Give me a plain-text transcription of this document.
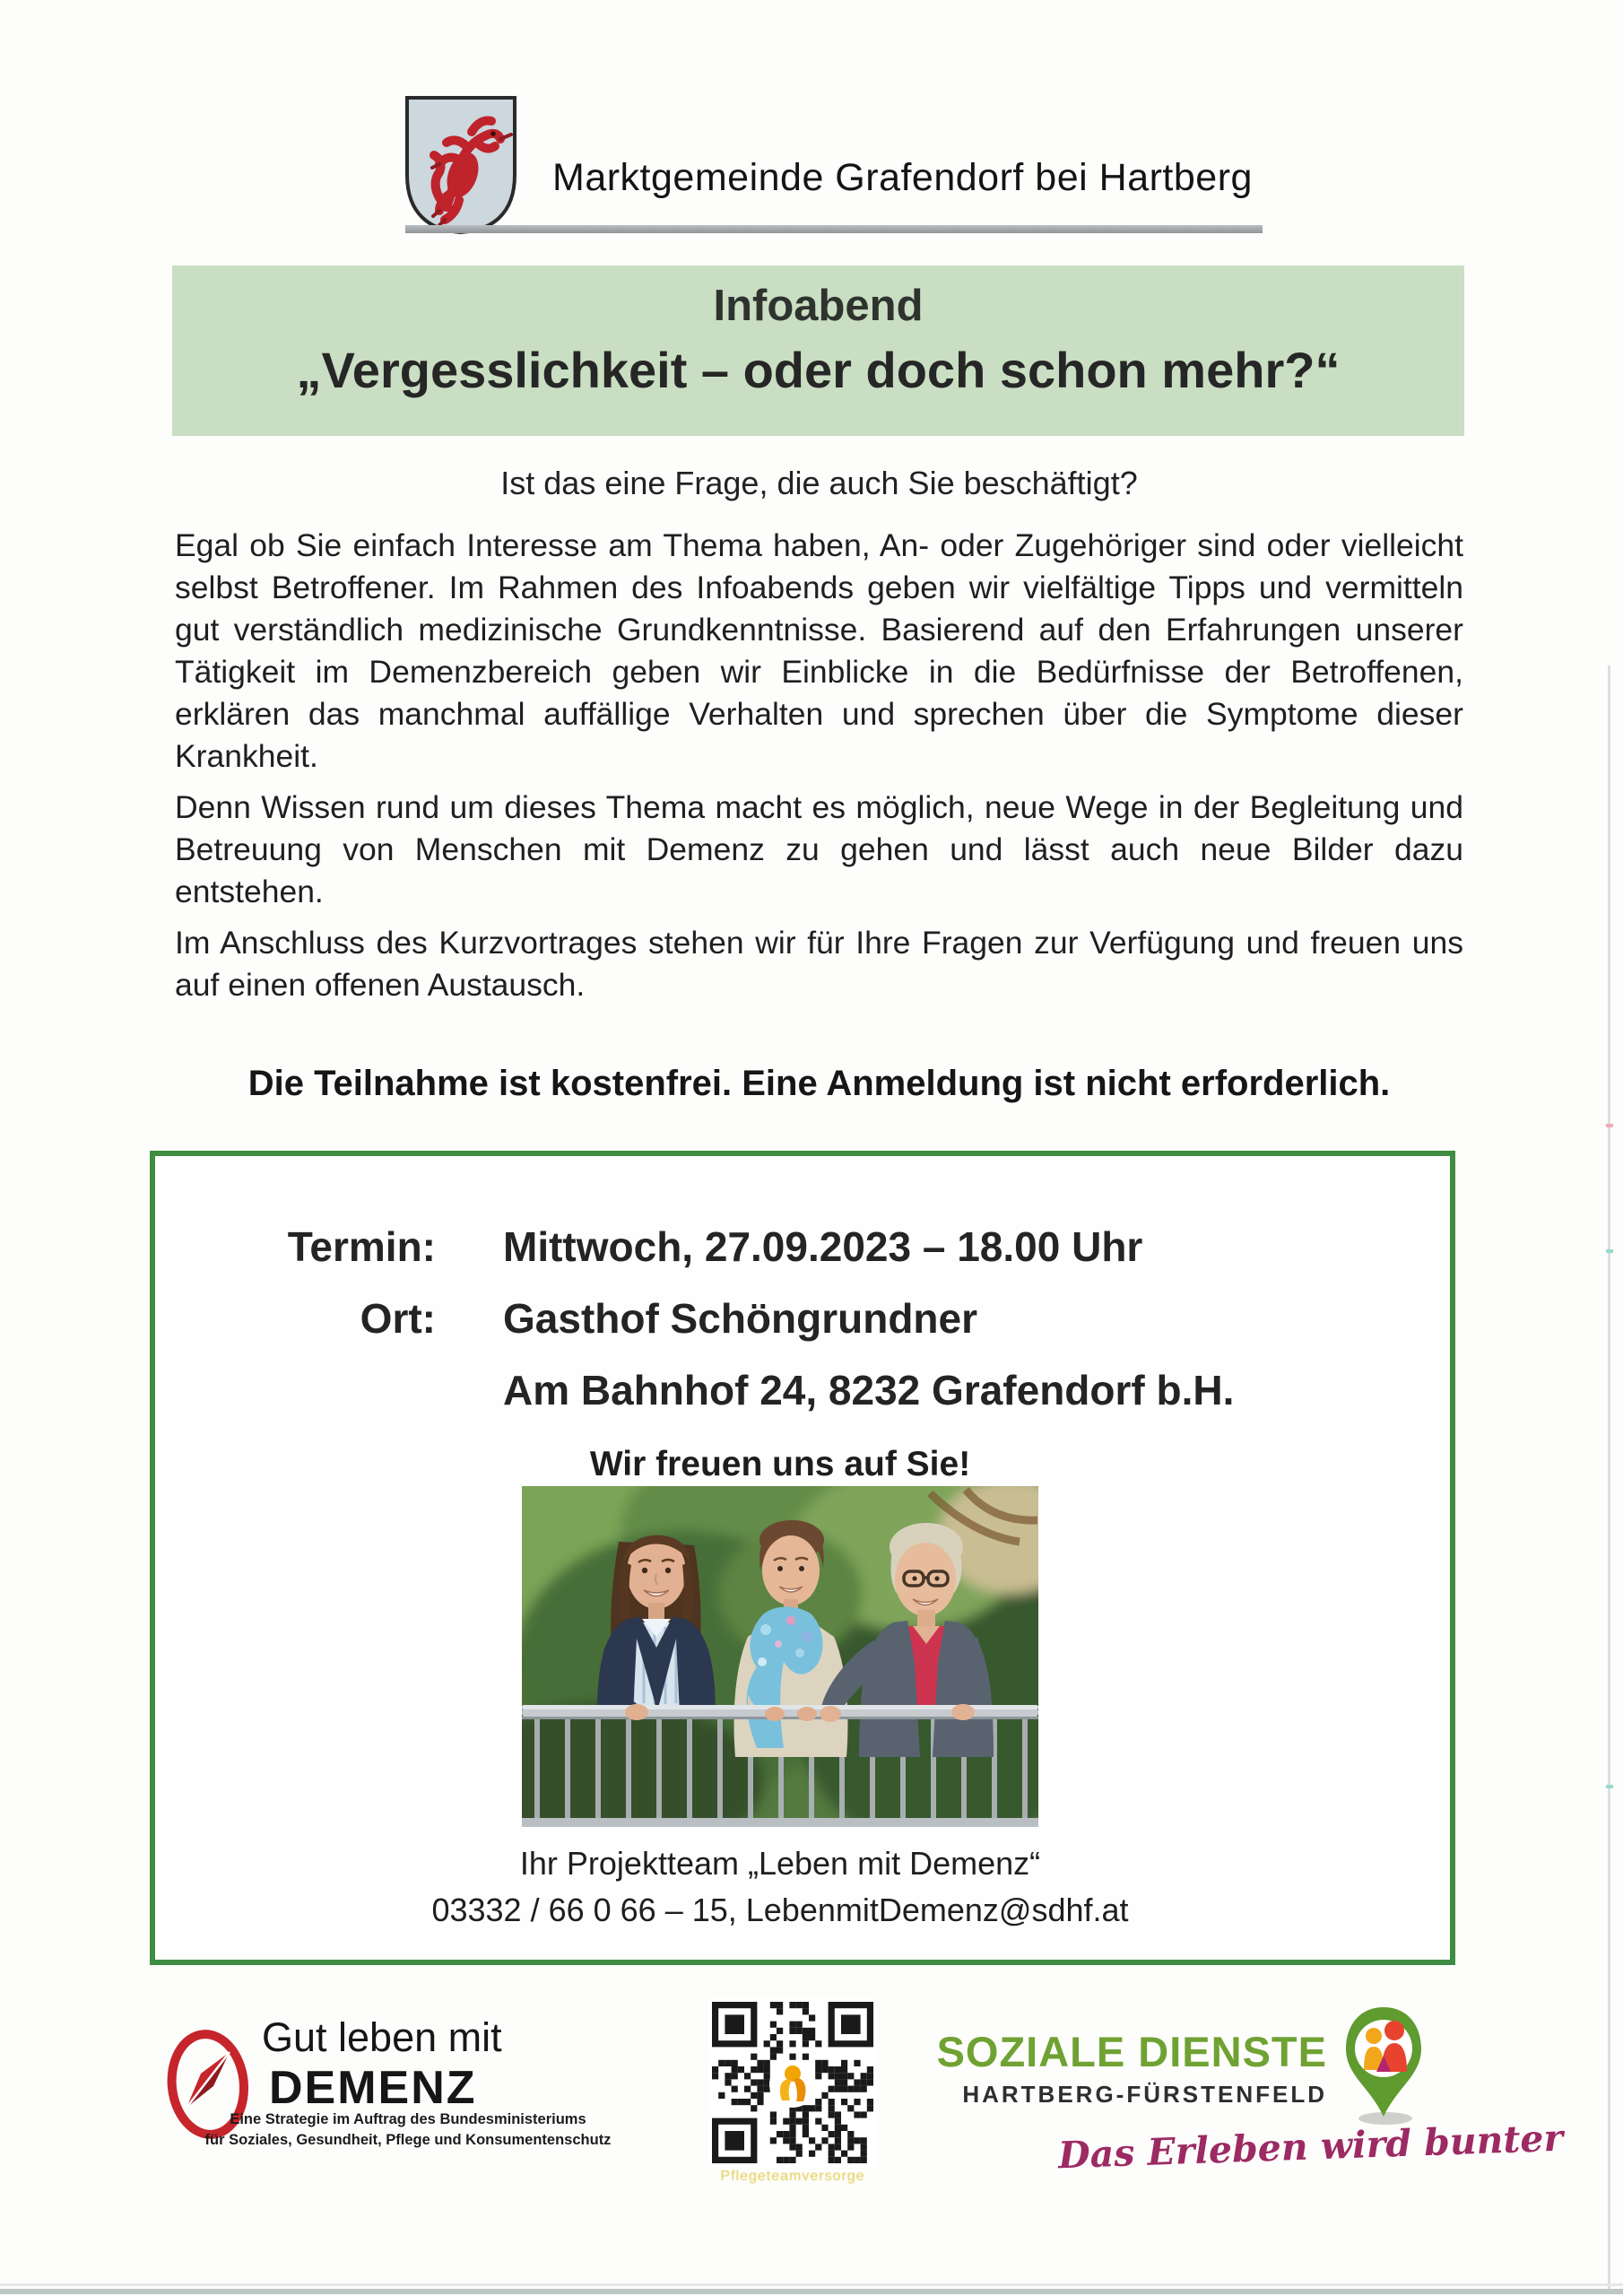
Marktgemeinde Grafendorf bei Hartberg
Infoabend
„Vergesslichkeit – oder doch schon mehr?“
Ist das eine Frage, die auch Sie beschäftigt?

Egal ob Sie einfach Interesse am Thema haben, An- oder Zugehöriger sind oder vielleicht selbst Betroffener. Im Rahmen des Infoabends geben wir vielfältige Tipps und vermitteln gut verständlich medizinische Grundkenntnisse. Basierend auf den Erfahrungen unserer Tätigkeit im Demenzbereich geben wir Einblicke in die Bedürfnisse der Betroffenen, erklären das manchmal auffällige Verhalten und sprechen über die Symptome dieser Krankheit.

Denn Wissen rund um dieses Thema macht es möglich, neue Wege in der Begleitung und Betreuung von Menschen mit Demenz zu gehen und lässt auch neue Bilder dazu entstehen.

Im Anschluss des Kurzvortrages stehen wir für Ihre Fragen zur Verfügung und freuen uns auf einen offenen Austausch.

Die Teilnahme ist kostenfrei. Eine Anmeldung ist nicht erforderlich.
Termin: Mittwoch, 27.09.2023 – 18.00 Uhr
Ort: Gasthof Schöngrundner
Am Bahnhof 24, 8232 Grafendorf b.H.
Wir freuen uns auf Sie!
Ihr Projektteam „Leben mit Demenz“
03332 / 66 0 66 – 15, LebenmitDemenz@sdhf.at
Gut leben mit
DEMENZ
Eine Strategie im Auftrag des Bundesministeriums
für Soziales, Gesundheit, Pflege und Konsumentenschutz
Pflegeteamversorge
SOZIALE DIENSTE
HARTBERG-FÜRSTENFELD
Das Erleben wird bunter
